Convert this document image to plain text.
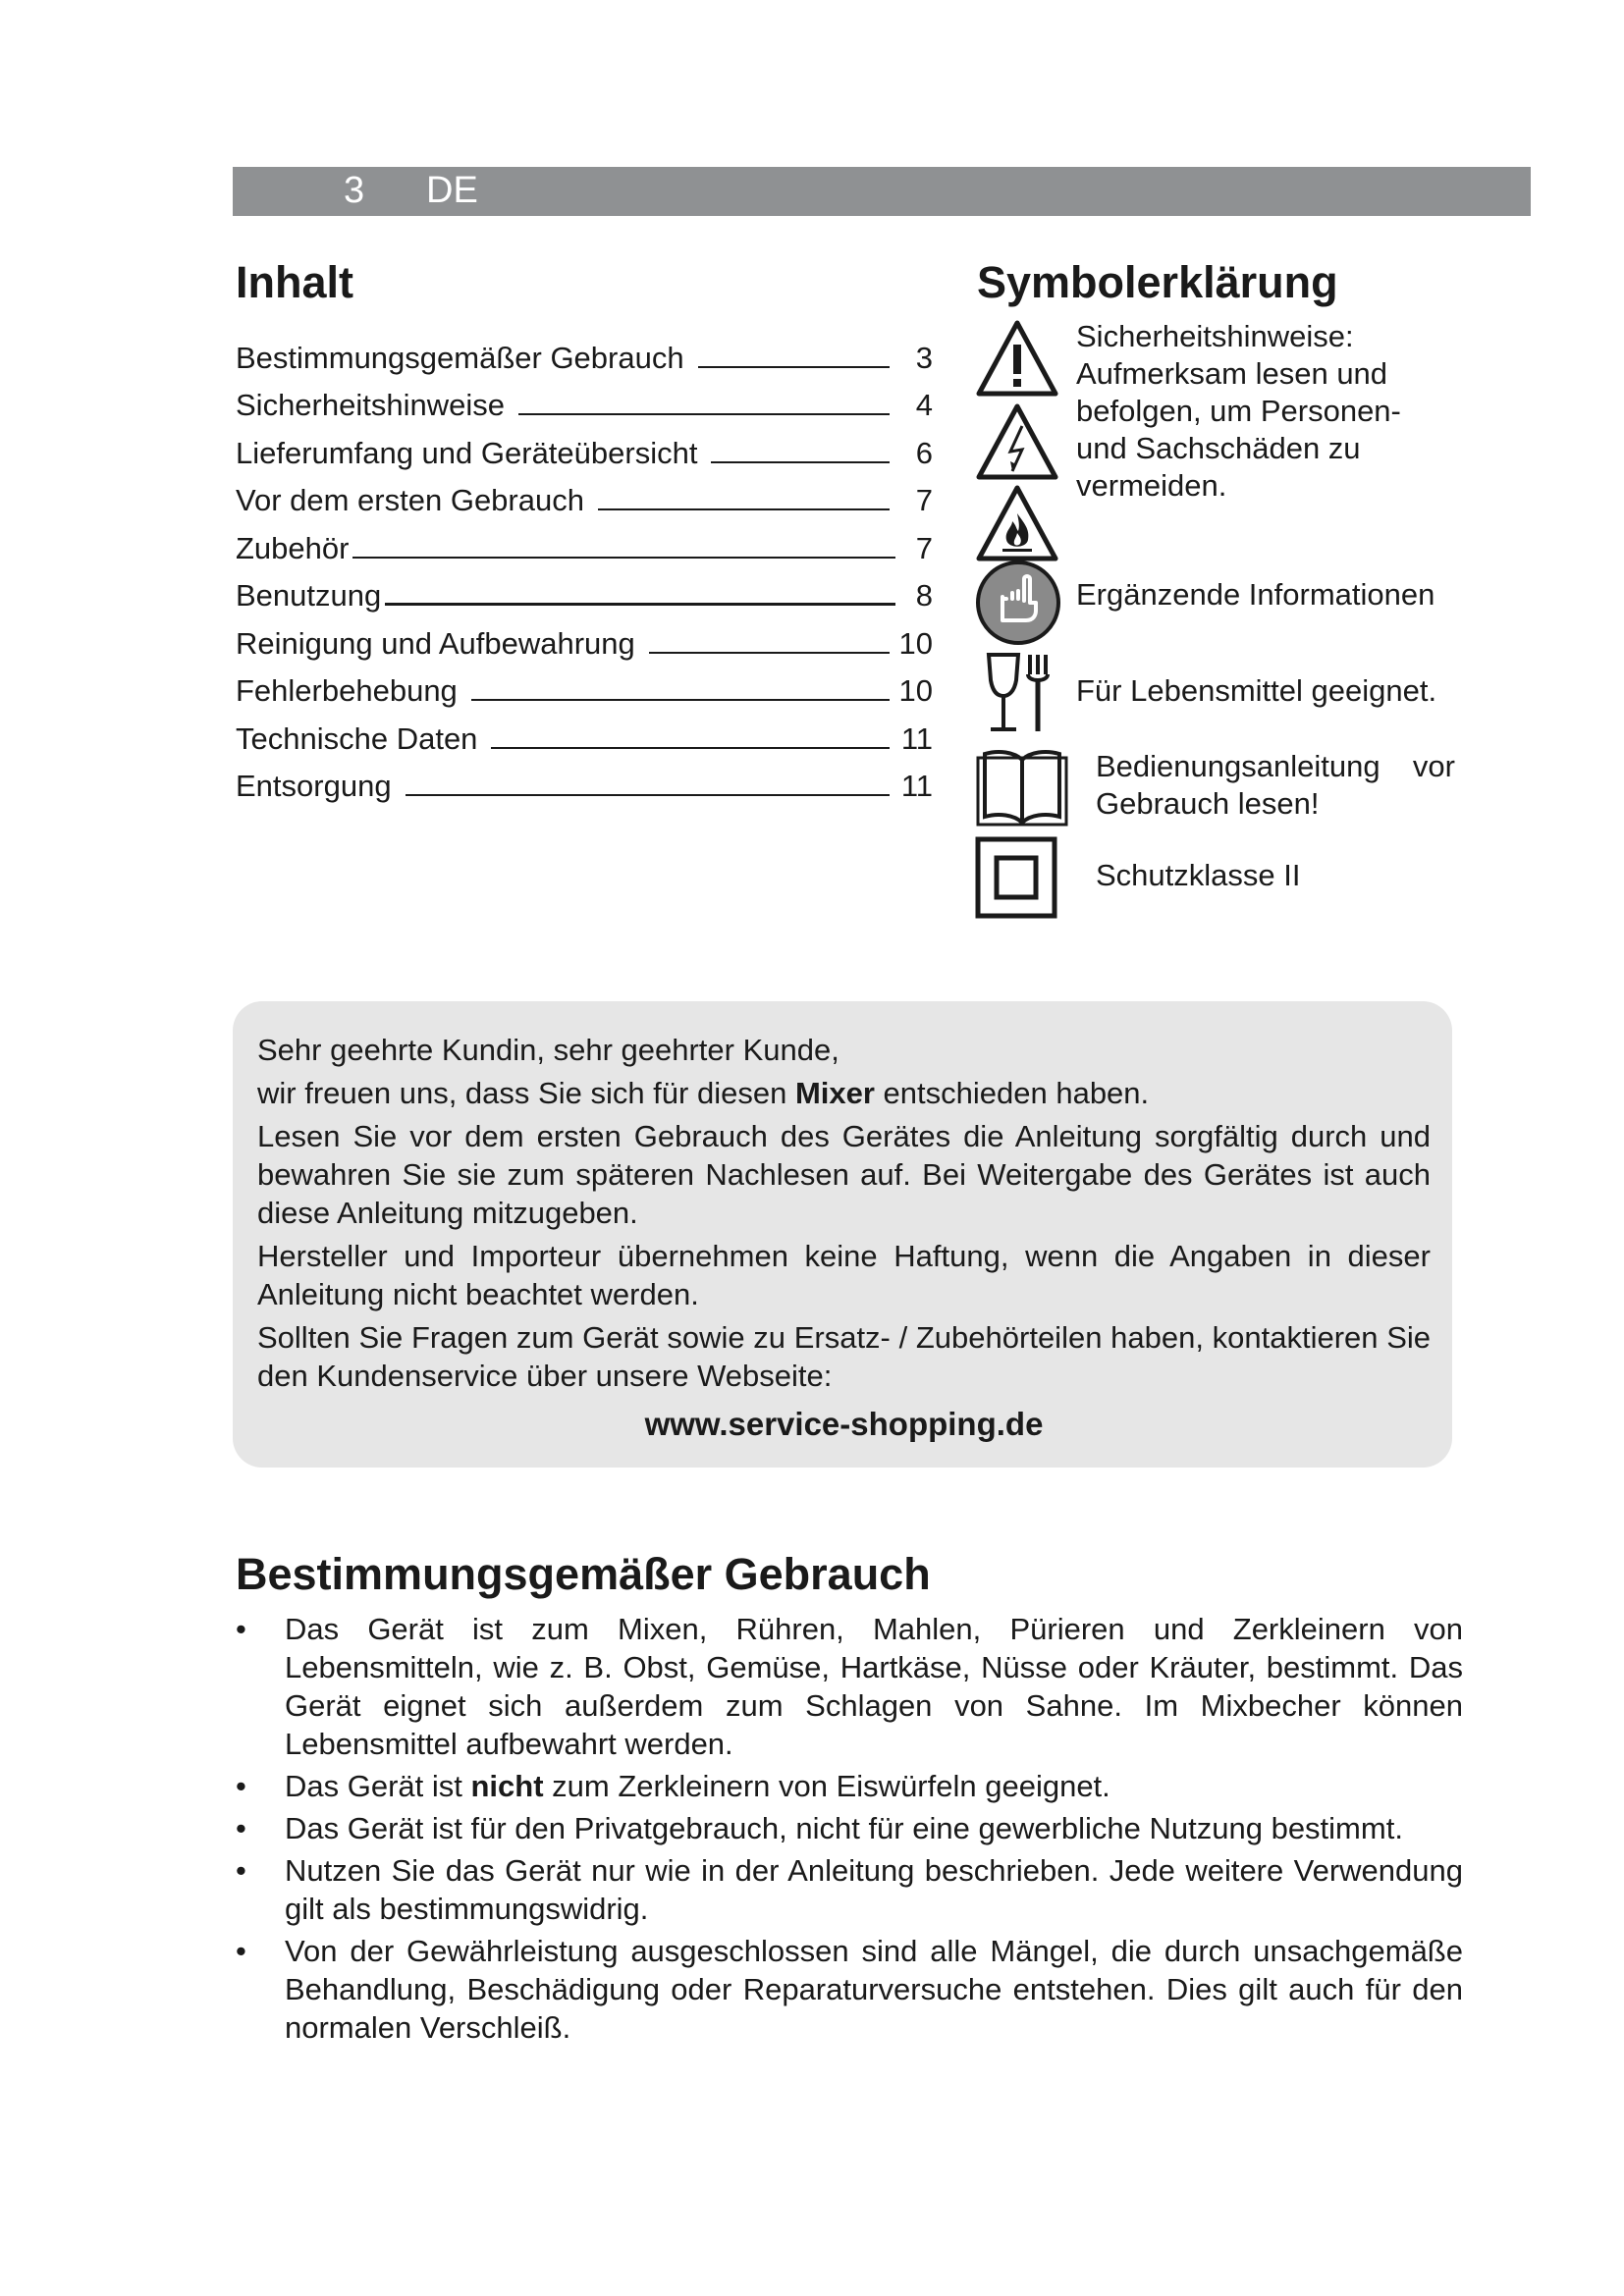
3 DE
Inhalt
Bestimmungsgemäßer Gebrauch	3
Sicherheitshinweise	4
Lieferumfang und Geräteübersicht	6
Vor dem ersten Gebrauch	7
Zubehör	7
Benutzung	8
Reinigung und Aufbewahrung	10
Fehlerbehebung	10
Technische Daten	11
Entsorgung	11
Symbolerklärung
Sicherheitshinweise: Aufmerksam lesen und befolgen, um Personen- und Sachschäden zu vermeiden.
Ergänzende Informationen
Für Lebensmittel geeignet.
Bedienungsanleitung vor Gebrauch lesen!
Schutzklasse II

Sehr geehrte Kundin, sehr geehrter Kunde,

wir freuen uns, dass Sie sich für diesen Mixer entschieden haben.

Lesen Sie vor dem ersten Gebrauch des Gerätes die Anleitung sorgfältig durch und bewahren Sie sie zum späteren Nachlesen auf. Bei Weitergabe des Gerätes ist auch diese Anleitung mitzugeben.

Hersteller und Importeur übernehmen keine Haftung, wenn die Angaben in dieser Anleitung nicht beachtet werden.

Sollten Sie Fragen zum Gerät sowie zu Ersatz- / Zubehörteilen haben, kontaktieren Sie den Kundenservice über unsere Webseite:

www.service-shopping.de

Bestimmungsgemäßer Gebrauch
• Das Gerät ist zum Mixen, Rühren, Mahlen, Pürieren und Zerkleinern von Lebensmitteln, wie z. B. Obst, Gemüse, Hartkäse, Nüsse oder Kräuter, bestimmt. Das Gerät eignet sich außerdem zum Schlagen von Sahne. Im Mixbecher können Lebensmittel aufbewahrt werden.
• Das Gerät ist nicht zum Zerkleinern von Eiswürfeln geeignet.
• Das Gerät ist für den Privatgebrauch, nicht für eine gewerbliche Nutzung bestimmt.
• Nutzen Sie das Gerät nur wie in der Anleitung beschrieben. Jede weitere Verwendung gilt als bestimmungswidrig.
• Von der Gewährleistung ausgeschlossen sind alle Mängel, die durch unsachgemäße Behandlung, Beschädigung oder Reparaturversuche entstehen. Dies gilt auch für den normalen Verschleiß.
